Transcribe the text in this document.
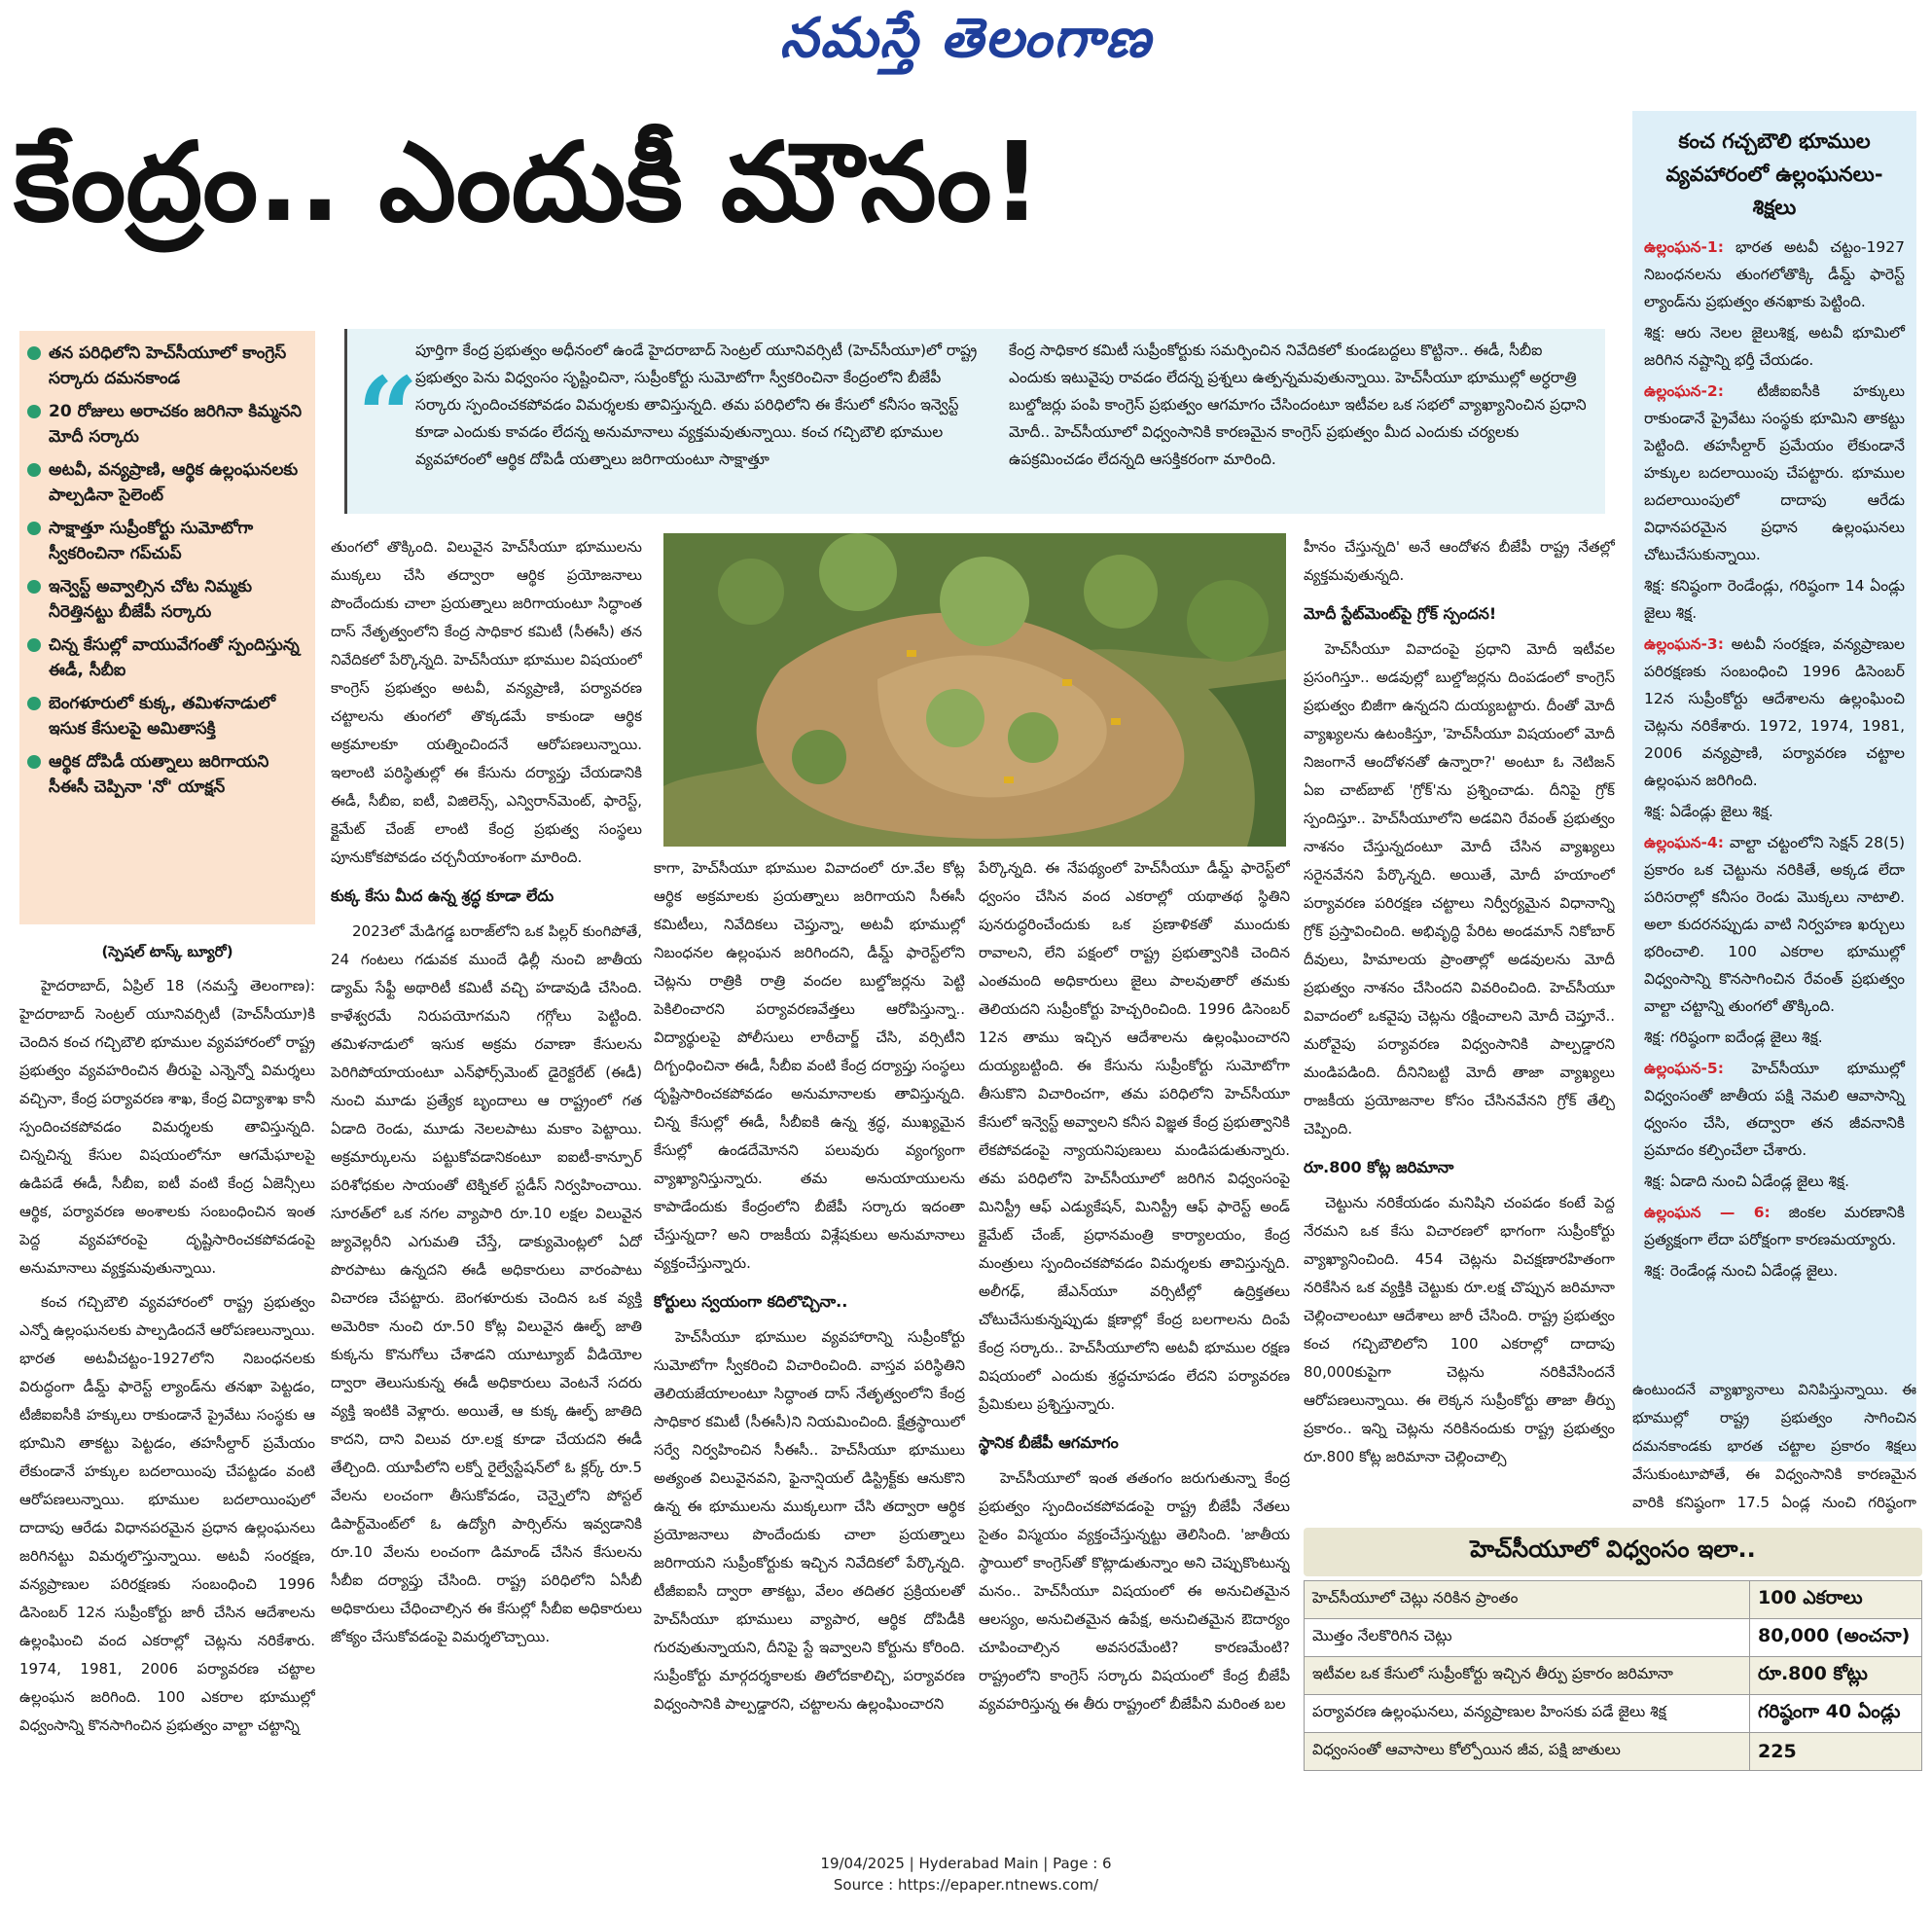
నమస్తే తెలంగాణ
కేంద్రం.. ఎందుకీ మౌనం!	కంచ గచ్చబౌలి భూముల వ్యవహారంలో ఉల్లంఘనలు- శిక్షలు

ఉల్లంఘన-1: భారత అటవీ చట్టం-1927 నిబంధనలను తుంగలోతొక్కి డీమ్డ్‌ ఫారెస్ట్‌ ల్యాండ్‌ను ప్రభుత్వం తనఖాకు పెట్టింది.

శిక్ష: ఆరు నెలల జైలుశిక్ష, అటవీ భూమిలో జరిగిన నష్టాన్ని భర్తీ చేయడం.

ఉల్లంఘన-2: టీజీఐఐసీకి హక్కులు రాకుండానే ప్రైవేటు సంస్థకు భూమిని తాకట్టు పెట్టింది. తహసీల్దార్‌ ప్రమేయం లేకుండానే హక్కుల బదలాయింపు చేపట్టారు. భూముల బదలాయింపులో దాదాపు ఆరేడు విధానపరమైన ప్రధాన ఉల్లంఘనలు చోటుచేసుకున్నాయి.

శిక్ష: కనిష్ఠంగా రెండేండ్లు, గరిష్ఠంగా 14 ఏండ్లు జైలు శిక్ష.

ఉల్లంఘన-3: అటవీ సంరక్షణ, వన్యప్రాణుల పరిరక్షణకు సంబంధించి 1996 డిసెంబర్‌ 12న సుప్రీంకోర్టు ఆదేశాలను ఉల్లంఘించి చెట్లను నరికేశారు. 1972, 1974, 1981, 2006 వన్యప్రాణి, పర్యావరణ చట్టాల ఉల్లంఘన జరిగింది.

శిక్ష: ఏడేండ్లు జైలు శిక్ష.

ఉల్లంఘన-4: వాల్టా చట్టంలోని సెక్షన్‌ 28(5) ప్రకారం ఒక చెట్టును నరికితే, అక్కడ లేదా పరిసరాల్లో కనీసం రెండు మొక్కలు నాటాలి. అలా కుదరనప్పుడు వాటి నిర్వహణ ఖర్చులు భరించాలి. 100 ఎకరాల భూముల్లో విధ్వంసాన్ని కొనసాగించిన రేవంత్‌ ప్రభుత్వం వాల్టా చట్టాన్ని తుంగలో తొక్కింది.

శిక్ష: గరిష్ఠంగా ఐదేండ్ల జైలు శిక్ష.

ఉల్లంఘన-5: హెచ్‌సీయూ భూముల్లో విధ్వంసంతో జాతీయ పక్షి నెమలి ఆవాసాన్ని ధ్వంసం చేసి, తద్వారా తన జీవనానికి ప్రమాదం కల్పించేలా చేశారు.

శిక్ష: ఏడాది నుంచి ఏడేండ్ల జైలు శిక్ష.

ఉల్లంఘన — 6: జింకల మరణానికి ప్రత్యక్షంగా లేదా పరోక్షంగా కారణమయ్యారు.

శిక్ష: రెండేండ్ల నుంచి ఏడేండ్ల జైలు.

తన పరిధిలోని హెచ్‌సీయూలో కాంగ్రెస్‌ సర్కారు దమనకాండ
20 రోజులు అరాచకం జరిగినా కిమ్మనని మోదీ సర్కారు
అటవీ, వన్యప్రాణి, ఆర్థిక ఉల్లంఘనలకు పాల్పడినా సైలెంట్‌
సాక్షాత్తూ సుప్రీంకోర్టు సుమోటోగా స్వీకరించినా గప్‌చుప్‌
ఇన్వెస్ట్‌ అవ్వాల్సిన చోట నిమ్మకు నీరెత్తినట్టు బీజేపీ సర్కారు
చిన్న కేసుల్లో వాయువేగంతో స్పందిస్తున్న ఈడీ, సీబీఐ
బెంగళూరులో కుక్క, తమిళనాడులో ఇసుక కేసులపై అమితాసక్తి
ఆర్థిక దోపిడీ యత్నాలు జరిగాయని సీఈసీ చెప్పినా 'నో' యాక్షన్‌
“
పూర్తిగా కేంద్ర ప్రభుత్వం అధీనంలో ఉండే హైదరాబాద్‌ సెంట్రల్‌ యూనివర్సిటీ (హెచ్‌సీయూ)లో రాష్ట్ర ప్రభుత్వం పెను విధ్వంసం సృష్టించినా, సుప్రీంకోర్టు సుమోటోగా స్వీకరించినా కేంద్రంలోని బీజేపీ సర్కారు స్పందించకపోవడం విమర్శలకు తావిస్తున్నది. తమ పరిధిలోని ఈ కేసులో కనీసం ఇన్వెస్ట్‌ కూడా ఎందుకు కావడం లేదన్న అనుమానాలు వ్యక్తమవుతున్నాయి. కంచ గచ్చిబౌలి భూముల వ్యవహారంలో ఆర్థిక దోపిడీ యత్నాలు జరిగాయంటూ సాక్షాత్తూ
కేంద్ర సాధికార కమిటీ సుప్రీంకోర్టుకు సమర్పించిన నివేదికలో కుండబద్దలు కొట్టినా.. ఈడీ, సీబీఐ ఎందుకు ఇటువైపు రావడం లేదన్న ప్రశ్నలు ఉత్పన్నమవుతున్నాయి. హెచ్‌సీయూ భూముల్లో అర్ధరాత్రి బుల్డోజర్లు పంపి కాంగ్రెస్‌ ప్రభుత్వం ఆగమాగం చేసిందంటూ ఇటీవల ఒక సభలో వ్యాఖ్యానించిన ప్రధాని మోదీ.. హెచ్‌సీయూలో విధ్వంసానికి కారణమైన కాంగ్రెస్‌ ప్రభుత్వం మీద ఎందుకు చర్యలకు ఉపక్రమించడం లేదన్నది ఆసక్తికరంగా మారింది.

(స్పెషల్‌ టాస్క్‌ బ్యూరో)

హైదరాబాద్‌, ఏప్రిల్‌ 18 (నమస్తే తెలంగాణ): హైదరాబాద్‌ సెంట్రల్‌ యూనివర్సిటీ (హెచ్‌సీయూ)కి చెందిన కంచ గచ్చిబౌలి భూముల వ్యవహారంలో రాష్ట్ర ప్రభుత్వం వ్యవహరించిన తీరుపై ఎన్నెన్నో విమర్శలు వచ్చినా, కేంద్ర పర్యావరణ శాఖ, కేంద్ర విద్యాశాఖ కానీ స్పందించకపోవడం విమర్శలకు తావిస్తున్నది. చిన్నచిన్న కేసుల విషయంలోనూ ఆగమేఘాలపై ఉడిపడే ఈడీ, సీబీఐ, ఐటీ వంటి కేంద్ర ఏజెన్సీలు ఆర్థిక, పర్యావరణ అంశాలకు సంబంధించిన ఇంత పెద్ద వ్యవహారంపై దృష్టిసారించకపోవడంపై అనుమానాలు వ్యక్తమవుతున్నాయి.

కంచ గచ్చిబౌలి వ్యవహారంలో రాష్ట్ర ప్రభుత్వం ఎన్నో ఉల్లంఘనలకు పాల్పడిందనే ఆరోపణలున్నాయి. భారత అటవీచట్టం-1927లోని నిబంధనలకు విరుద్ధంగా డీమ్డ్‌ ఫారెస్ట్‌ ల్యాండ్‌ను తనఖా పెట్టడం, టీజీఐఐసీకి హక్కులు రాకుండానే ప్రైవేటు సంస్థకు ఆ భూమిని తాకట్టు పెట్టడం, తహసీల్దార్‌ ప్రమేయం లేకుండానే హక్కుల బదలాయింపు చేపట్టడం వంటి ఆరోపణలున్నాయి. భూముల బదలాయింపులో దాదాపు ఆరేడు విధానపరమైన ప్రధాన ఉల్లంఘనలు జరిగినట్టు విమర్శలొస్తున్నాయి. అటవీ సంరక్షణ, వన్యప్రాణుల పరిరక్షణకు సంబంధించి 1996 డిసెంబర్‌ 12న సుప్రీంకోర్టు జారీ చేసిన ఆదేశాలను ఉల్లంఘించి వంద ఎకరాల్లో చెట్లను నరికేశారు. 1974, 1981, 2006 పర్యావరణ చట్టాల ఉల్లంఘన జరిగింది. 100 ఎకరాల భూముల్లో విధ్వంసాన్ని కొనసాగించిన ప్రభుత్వం వాల్టా చట్టాన్ని

తుంగలో తొక్కింది. విలువైన హెచ్‌సీయూ భూములను ముక్కలు చేసి తద్వారా ఆర్థిక ప్రయోజనాలు పొందేందుకు చాలా ప్రయత్నాలు జరిగాయంటూ సిద్ధాంత దాస్‌ నేతృత్వంలోని కేంద్ర సాధికార కమిటీ (సీఈసీ) తన నివేదికలో పేర్కొన్నది. హెచ్‌సీయూ భూముల విషయంలో కాంగ్రెస్‌ ప్రభుత్వం అటవీ, వన్యప్రాణి, పర్యావరణ చట్టాలను తుంగలో తొక్కడమే కాకుండా ఆర్థిక అక్రమాలకూ యత్నించిందనే ఆరోపణలున్నాయి. ఇలాంటి పరిస్థితుల్లో ఈ కేసును దర్యాప్తు చేయడానికి ఈడీ, సీబీఐ, ఐటీ, విజిలెన్స్‌, ఎన్విరాన్‌మెంట్‌, ఫారెస్ట్‌, క్లైమేట్‌ చేంజ్‌ లాంటి కేంద్ర ప్రభుత్వ సంస్థలు పూనుకోకపోవడం చర్చనీయాంశంగా మారింది.

కుక్క కేసు మీద ఉన్న శ్రద్ధ కూడా లేదు

2023లో మేడిగడ్డ బరాజ్‌లోని ఒక పిల్లర్‌ కుంగిపోతే, 24 గంటలు గడువక ముందే ఢిల్లీ నుంచి జాతీయ డ్యామ్‌ సేఫ్టీ అథారిటీ కమిటీ వచ్చి హడావుడి చేసింది. కాళేశ్వరమే నిరుపయోగమని గగ్గోలు పెట్టింది. తమిళనాడులో ఇసుక అక్రమ రవాణా కేసులను పెరిగిపోయాయంటూ ఎన్‌ఫోర్స్‌మెంట్‌ డైరెక్టరేట్‌ (ఈడీ) నుంచి మూడు ప్రత్యేక బృందాలు ఆ రాష్ట్రంలో గత ఏడాది రెండు, మూడు నెలలపాటు మకాం పెట్టాయి. అక్రమార్కులను పట్టుకోవడానికంటూ ఐఐటీ-కాన్పూర్‌ పరిశోధకుల సాయంతో టెక్నికల్‌ స్టడీస్‌ నిర్వహించాయి. సూరత్‌లో ఒక నగల వ్యాపారి రూ.10 లక్షల విలువైన జ్యువెల్లరీని ఎగుమతి చేస్తే, డాక్యుమెంట్లలో ఏదో పొరపాటు ఉన్నదని ఈడీ అధికారులు వారంపాటు విచారణ చేపట్టారు. బెంగళూరుకు చెందిన ఒక వ్యక్తి అమెరికా నుంచి రూ.50 కోట్ల విలువైన ఊల్ఫ్‌ జాతి కుక్కను కొనుగోలు చేశాడని యూట్యూబ్‌ వీడియోల ద్వారా తెలుసుకున్న ఈడీ అధికారులు వెంటనే సదరు వ్యక్తి ఇంటికి వెళ్లారు. అయితే, ఆ కుక్క ఊల్ఫ్‌ జాతిది కాదని, దాని విలువ రూ.లక్ష కూడా చేయదని ఈడీ తేల్చింది. యూపీలోని లక్నో రైల్వేస్టేషన్‌లో ఓ క్లర్క్‌ రూ.5 వేలను లంచంగా తీసుకోవడం, చెన్నైలోని పోస్టల్‌ డిపార్ట్‌మెంట్‌లో ఓ ఉద్యోగి పార్సిల్‌ను ఇవ్వడానికి రూ.10 వేలను లంచంగా డిమాండ్‌ చేసిన కేసులను సీబీఐ దర్యాప్తు చేసింది. రాష్ట్ర పరిధిలోని ఏసీబీ అధికారులు చేధించాల్సిన ఈ కేసుల్లో సీబీఐ అధికారులు జోక్యం చేసుకోవడంపై విమర్శలొచ్చాయి.

కాగా, హెచ్‌సీయూ భూముల వివాదంలో రూ.వేల కోట్ల ఆర్థిక అక్రమాలకు ప్రయత్నాలు జరిగాయని సీఈసీ కమిటీలు, నివేదికలు చెప్తున్నా, అటవీ భూముల్లో నిబంధనల ఉల్లంఘన జరిగిందని, డీమ్డ్‌ ఫారెస్ట్‌లోని చెట్లను రాత్రికి రాత్రి వందల బుల్డోజర్లను పెట్టి పెకిలించారని పర్యావరణవేత్తలు ఆరోపిస్తున్నా.. విద్యార్థులపై పోలీసులు లాఠీచార్జ్‌ చేసి, వర్సిటీని దిగ్బంధించినా ఈడీ, సీబీఐ వంటి కేంద్ర దర్యాప్తు సంస్థలు దృష్టిసారించకపోవడం అనుమానాలకు తావిస్తున్నది. చిన్న కేసుల్లో ఈడీ, సీబీఐకి ఉన్న శ్రద్ధ, ముఖ్యమైన కేసుల్లో ఉండదేమోనని పలువురు వ్యంగ్యంగా వ్యాఖ్యానిస్తున్నారు. తమ అనుయాయులను కాపాడేందుకు కేంద్రంలోని బీజేపీ సర్కారు ఇదంతా చేస్తున్నదా? అని రాజకీయ విశ్లేషకులు అనుమానాలు వ్యక్తంచేస్తున్నారు.

కోర్టులు స్వయంగా కదిలొచ్చినా..

హెచ్‌సీయూ భూముల వ్యవహారాన్ని సుప్రీంకోర్టు సుమోటోగా స్వీకరించి విచారించింది. వాస్తవ పరిస్థితిని తెలియజేయాలంటూ సిద్ధాంత దాస్‌ నేతృత్వంలోని కేంద్ర సాధికార కమిటీ (సీఈసీ)ని నియమించింది. క్షేత్రస్థాయిలో సర్వే నిర్వహించిన సీఈసీ.. హెచ్‌సీయూ భూములు అత్యంత విలువైనవని, ఫైనాన్షియల్‌ డిస్ట్రిక్ట్‌కు ఆనుకొని ఉన్న ఈ భూములను ముక్కలుగా చేసి తద్వారా ఆర్థిక ప్రయోజనాలు పొందేందుకు చాలా ప్రయత్నాలు జరిగాయని సుప్రీంకోర్టుకు ఇచ్చిన నివేదికలో పేర్కొన్నది. టీజీఐఐసీ ద్వారా తాకట్టు, వేలం తదితర ప్రక్రియలతో హెచ్‌సీయూ భూములు వ్యాపార, ఆర్థిక దోపిడీకి గురవుతున్నాయని, దీనిపై స్టే ఇవ్వాలని కోర్టును కోరింది. సుప్రీంకోర్టు మార్గదర్శకాలకు తిలోదకాలిచ్చి, పర్యావరణ విధ్వంసానికి పాల్పడ్డారని, చట్టాలను ఉల్లంఘించారని

పేర్కొన్నది. ఈ నేపథ్యంలో హెచ్‌సీయూ డీమ్డ్‌ ఫారెస్ట్‌లో ధ్వంసం చేసిన వంద ఎకరాల్లో యథాతథ స్థితిని పునరుద్ధరించేందుకు ఒక ప్రణాళికతో ముందుకు రావాలని, లేని పక్షంలో రాష్ట్ర ప్రభుత్వానికి చెందిన ఎంతమంది అధికారులు జైలు పాలవుతారో తమకు తెలియదని సుప్రీంకోర్టు హెచ్చరించింది. 1996 డిసెంబర్‌ 12న తాము ఇచ్చిన ఆదేశాలను ఉల్లంఘించారని దుయ్యబట్టింది. ఈ కేసును సుప్రీంకోర్టు సుమోటోగా తీసుకొని విచారించగా, తమ పరిధిలోని హెచ్‌సీయూ కేసులో ఇన్వెస్ట్‌ అవ్వాలని కనీస విజ్ఞత కేంద్ర ప్రభుత్వానికి లేకపోవడంపై న్యాయనిపుణులు మండిపడుతున్నారు. తమ పరిధిలోని హెచ్‌సీయూలో జరిగిన విధ్వంసంపై మినిస్ట్రీ ఆఫ్‌ ఎడ్యుకేషన్‌, మినిస్ట్రీ ఆఫ్‌ ఫారెస్ట్‌ అండ్‌ క్లైమేట్‌ చేంజ్‌, ప్రధానమంత్రి కార్యాలయం, కేంద్ర మంత్రులు స్పందించకపోవడం విమర్శలకు తావిస్తున్నది. అలీగఢ్‌, జేఎన్‌యూ వర్సిటీల్లో ఉద్రిక్తతలు చోటుచేసుకున్నప్పుడు క్షణాల్లో కేంద్ర బలగాలను దింపే కేంద్ర సర్కారు.. హెచ్‌సీయూలోని అటవీ భూముల రక్షణ విషయంలో ఎందుకు శ్రద్ధచూపడం లేదని పర్యావరణ ప్రేమికులు ప్రశ్నిస్తున్నారు.

స్థానిక బీజేపీ ఆగమాగం

హెచ్‌సీయూలో ఇంత తతంగం జరుగుతున్నా కేంద్ర ప్రభుత్వం స్పందించకపోవడంపై రాష్ట్ర బీజేపీ నేతలు సైతం విస్మయం వ్యక్తంచేస్తున్నట్టు తెలిసింది. 'జాతీయ స్థాయిలో కాంగ్రెస్‌తో కొట్లాడుతున్నాం అని చెప్పుకొంటున్న మనం.. హెచ్‌సీయూ విషయంలో ఈ అనుచితమైన ఆలస్యం, అనుచితమైన ఉపేక్ష, అనుచితమైన ఔదార్యం చూపించాల్సిన అవసరమేంటి? కారణమేంటి? రాష్ట్రంలోని కాంగ్రెస్‌ సర్కారు విషయంలో కేంద్ర బీజేపీ వ్యవహరిస్తున్న ఈ తీరు రాష్ట్రంలో బీజేపీని మరింత బల

హీనం చేస్తున్నది' అనే ఆందోళన బీజేపీ రాష్ట్ర నేతల్లో వ్యక్తమవుతున్నది.

మోదీ స్టేట్‌మెంట్‌పై గ్రోక్‌ స్పందన!

హెచ్‌సీయూ వివాదంపై ప్రధాని మోదీ ఇటీవల ప్రసంగిస్తూ.. అడవుల్లో బుల్డోజర్లను దింపడంలో కాంగ్రెస్‌ ప్రభుత్వం బిజీగా ఉన్నదని దుయ్యబట్టారు. దీంతో మోదీ వ్యాఖ్యలను ఉటంకిస్తూ, 'హెచ్‌సీయూ విషయంలో మోదీ నిజంగానే ఆందోళనతో ఉన్నారా?' అంటూ ఓ నెటిజన్‌ ఏఐ చాట్‌బాట్‌ 'గ్రోక్‌'ను ప్రశ్నించాడు. దీనిపై గ్రోక్‌ స్పందిస్తూ.. హెచ్‌సీయూలోని అడవిని రేవంత్‌ ప్రభుత్వం నాశనం చేస్తున్నదంటూ మోదీ చేసిన వ్యాఖ్యలు సరైనవేనని పేర్కొన్నది. అయితే, మోదీ హయాంలో పర్యావరణ పరిరక్షణ చట్టాలు నిర్వీర్యమైన విధానాన్ని గ్రోక్‌ ప్రస్తావించింది. అభివృద్ధి పేరిట అండమాన్‌ నికోబార్‌ దీవులు, హిమాలయ ప్రాంతాల్లో అడవులను మోదీ ప్రభుత్వం నాశనం చేసిందని వివరించింది. హెచ్‌సీయూ వివాదంలో ఒకవైపు చెట్లను రక్షించాలని మోదీ చెప్తూనే.. మరోవైపు పర్యావరణ విధ్వంసానికి పాల్పడ్డారని మండిపడింది. దీనినిబట్టి మోదీ తాజా వ్యాఖ్యలు రాజకీయ ప్రయోజనాల కోసం చేసినవేనని గ్రోక్‌ తేల్చి చెప్పింది.

రూ.800 కోట్ల జరిమానా

చెట్టును నరికేయడం మనిషిని చంపడం కంటే పెద్ద నేరమని ఒక కేసు విచారణలో భాగంగా సుప్రీంకోర్టు వ్యాఖ్యానించింది. 454 చెట్లను విచక్షణారహితంగా నరికేసిన ఒక వ్యక్తికి చెట్టుకు రూ.లక్ష చొప్పున జరిమానా చెల్లించాలంటూ ఆదేశాలు జారీ చేసింది. రాష్ట్ర ప్రభుత్వం కంచ గచ్చిబౌలిలోని 100 ఎకరాల్లో దాదాపు 80,000కుపైగా చెట్లను నరికివేసిందనే ఆరోపణలున్నాయి. ఈ లెక్కన సుప్రీంకోర్టు తాజా తీర్పు ప్రకారం.. ఇన్ని చెట్లను నరికినందుకు రాష్ట్ర ప్రభుత్వం రూ.800 కోట్ల జరిమానా చెల్లించాల్సి

ఉంటుందనే వ్యాఖ్యానాలు వినిపిస్తున్నాయి. ఈ భూముల్లో రాష్ట్ర ప్రభుత్వం సాగించిన దమనకాండకు భారత చట్టాల ప్రకారం శిక్షలు వేసుకుంటూపోతే, ఈ విధ్వంసానికి కారణమైన వారికి కనిష్ఠంగా 17.5 ఏండ్ల నుంచి గరిష్ఠంగా

హెచ్‌సీయూలో విధ్వంసం ఇలా..
హెచ్‌సీయూలో చెట్లు నరికిన ప్రాంతం	100 ఎకరాలు
మొత్తం నేలకొరిగిన చెట్లు	80,000 (అంచనా)
ఇటీవల ఒక కేసులో సుప్రీంకోర్టు ఇచ్చిన తీర్పు ప్రకారం జరిమానా	రూ.800 కోట్లు
పర్యావరణ ఉల్లంఘనలు, వన్యప్రాణుల హింసకు పడే జైలు శిక్ష	గరిష్ఠంగా 40 ఏండ్లు
విధ్వంసంతో ఆవాసాలు కోల్పోయిన జీవ, పక్షి జాతులు	225
19/04/2025 | Hyderabad Main | Page : 6
Source : https://epaper.ntnews.com/
